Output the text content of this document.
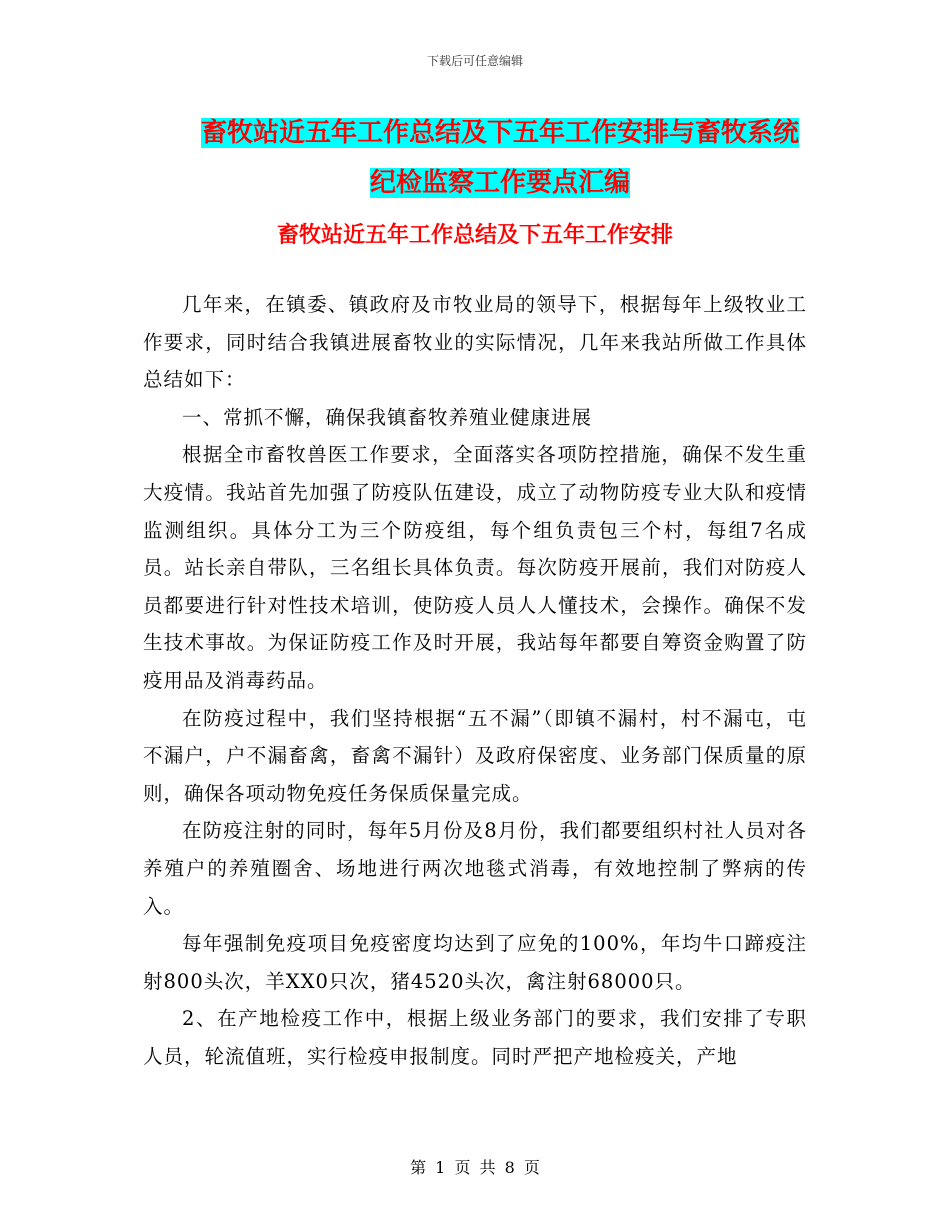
下载后可任意编辑
畜牧站近五年工作总结及下五年工作安排与畜牧系统
纪检监察工作要点汇编
畜牧站近五年工作总结及下五年工作安排

几年来，在镇委、镇政府及市牧业局的领导下，根据每年上级牧业工作要求，同时结合我镇进展畜牧业的实际情况，几年来我站所做工作具体总结如下：

一、常抓不懈，确保我镇畜牧养殖业健康进展

根据全市畜牧兽医工作要求，全面落实各项防控措施，确保不发生重大疫情。我站首先加强了防疫队伍建设，成立了动物防疫专业大队和疫情监测组织。具体分工为三个防疫组，每个组负责包三个村，每组7名成员。站长亲自带队，三名组长具体负责。每次防疫开展前，我们对防疫人员都要进行针对性技术培训，使防疫人员人人懂技术，会操作。确保不发生技术事故。为保证防疫工作及时开展，我站每年都要自筹资金购置了防疫用品及消毒药品。

在防疫过程中，我们坚持根据“五不漏”（即镇不漏村，村不漏屯，屯不漏户，户不漏畜禽，畜禽不漏针）及政府保密度、业务部门保质量的原则，确保各项动物免疫任务保质保量完成。

在防疫注射的同时，每年5月份及8月份，我们都要组织村社人员对各养殖户的养殖圈舍、场地进行两次地毯式消毒，有效地控制了弊病的传入。

每年强制免疫项目免疫密度均达到了应免的100%，年均牛口蹄疫注射800头次，羊XX0只次，猪4520头次，禽注射68000只。

2、在产地检疫工作中，根据上级业务部门的要求，我们安排了专职人员，轮流值班，实行检疫申报制度。同时严把产地检疫关，产地

第 1 页 共 8 页
